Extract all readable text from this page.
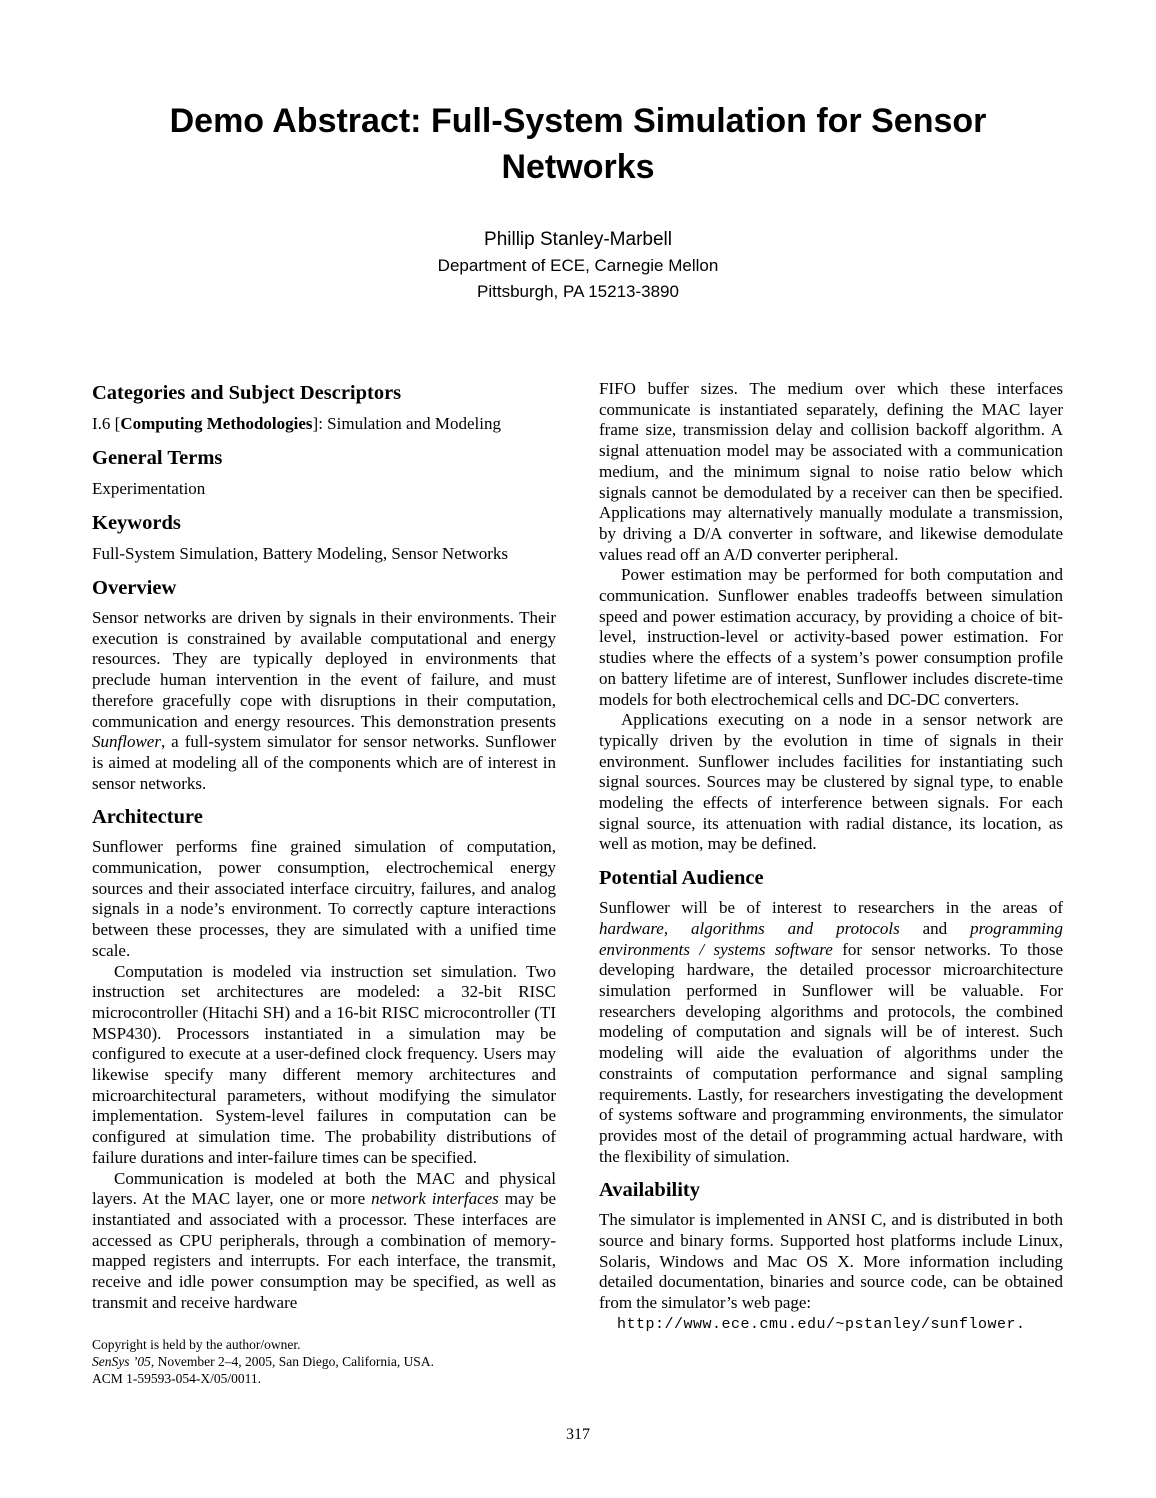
Demo Abstract: Full-System Simulation for Sensor
Networks
Phillip Stanley-Marbell
Department of ECE, Carnegie Mellon
Pittsburgh, PA 15213-3890
Categories and Subject Descriptors

I.6 [Computing Methodologies]: Simulation and Modeling

General Terms

Experimentation

Keywords

Full-System Simulation, Battery Modeling, Sensor Networks

Overview

Sensor networks are driven by signals in their environments. Their execution is constrained by available computational and energy resources. They are typically deployed in environments that preclude human intervention in the event of failure, and must therefore gracefully cope with disruptions in their computation, communication and energy resources. This demonstration presents Sunflower, a full-system simulator for sensor networks. Sunflower is aimed at modeling all of the components which are of interest in sensor networks.

Architecture

Sunflower performs fine grained simulation of computation, communication, power consumption, electrochemical energy sources and their associated interface circuitry, failures, and analog signals in a node’s environment. To correctly capture interactions between these processes, they are simulated with a unified time scale.

Computation is modeled via instruction set simulation. Two instruction set architectures are modeled: a 32-bit RISC microcontroller (Hitachi SH) and a 16-bit RISC microcontroller (TI MSP430). Processors instantiated in a simulation may be configured to execute at a user-defined clock frequency. Users may likewise specify many different memory architectures and microarchitectural parameters, without modifying the simulator implementation. System-level failures in computation can be configured at simulation time. The probability distributions of failure durations and inter-failure times can be specified.

Communication is modeled at both the MAC and physical layers. At the MAC layer, one or more network interfaces may be instantiated and associated with a processor. These interfaces are accessed as CPU peripherals, through a combination of memory-mapped registers and interrupts. For each interface, the transmit, receive and idle power consumption may be specified, as well as transmit and receive hardware

Copyright is held by the author/owner.
SenSys ’05, November 2–4, 2005, San Diego, California, USA.
ACM 1-59593-054-X/05/0011.

FIFO buffer sizes. The medium over which these interfaces communicate is instantiated separately, defining the MAC layer frame size, transmission delay and collision backoff algorithm. A signal attenuation model may be associated with a communication medium, and the minimum signal to noise ratio below which signals cannot be demodulated by a receiver can then be specified. Applications may alternatively manually modulate a transmission, by driving a D/A converter in software, and likewise demodulate values read off an A/D converter peripheral.

Power estimation may be performed for both computation and communication. Sunflower enables tradeoffs between simulation speed and power estimation accuracy, by providing a choice of bit-level, instruction-level or activity-based power estimation. For studies where the effects of a system’s power consumption profile on battery lifetime are of interest, Sunflower includes discrete-time models for both electrochemical cells and DC-DC converters.

Applications executing on a node in a sensor network are typically driven by the evolution in time of signals in their environment. Sunflower includes facilities for instantiating such signal sources. Sources may be clustered by signal type, to enable modeling the effects of interference between signals. For each signal source, its attenuation with radial distance, its location, as well as motion, may be defined.

Potential Audience

Sunflower will be of interest to researchers in the areas of hardware, algorithms and protocols and programming environments / systems software for sensor networks. To those developing hardware, the detailed processor microarchitecture simulation performed in Sunflower will be valuable. For researchers developing algorithms and protocols, the combined modeling of computation and signals will be of interest. Such modeling will aide the evaluation of algorithms under the constraints of computation performance and signal sampling requirements. Lastly, for researchers investigating the development of systems software and programming environments, the simulator provides most of the detail of programming actual hardware, with the flexibility of simulation.

Availability

The simulator is implemented in ANSI C, and is distributed in both source and binary forms. Supported host platforms include Linux, Solaris, Windows and Mac OS X. More information including detailed documentation, binaries and source code, can be obtained from the simulator’s web page:

http://www.ece.cmu.edu/~pstanley/sunflower.
317
